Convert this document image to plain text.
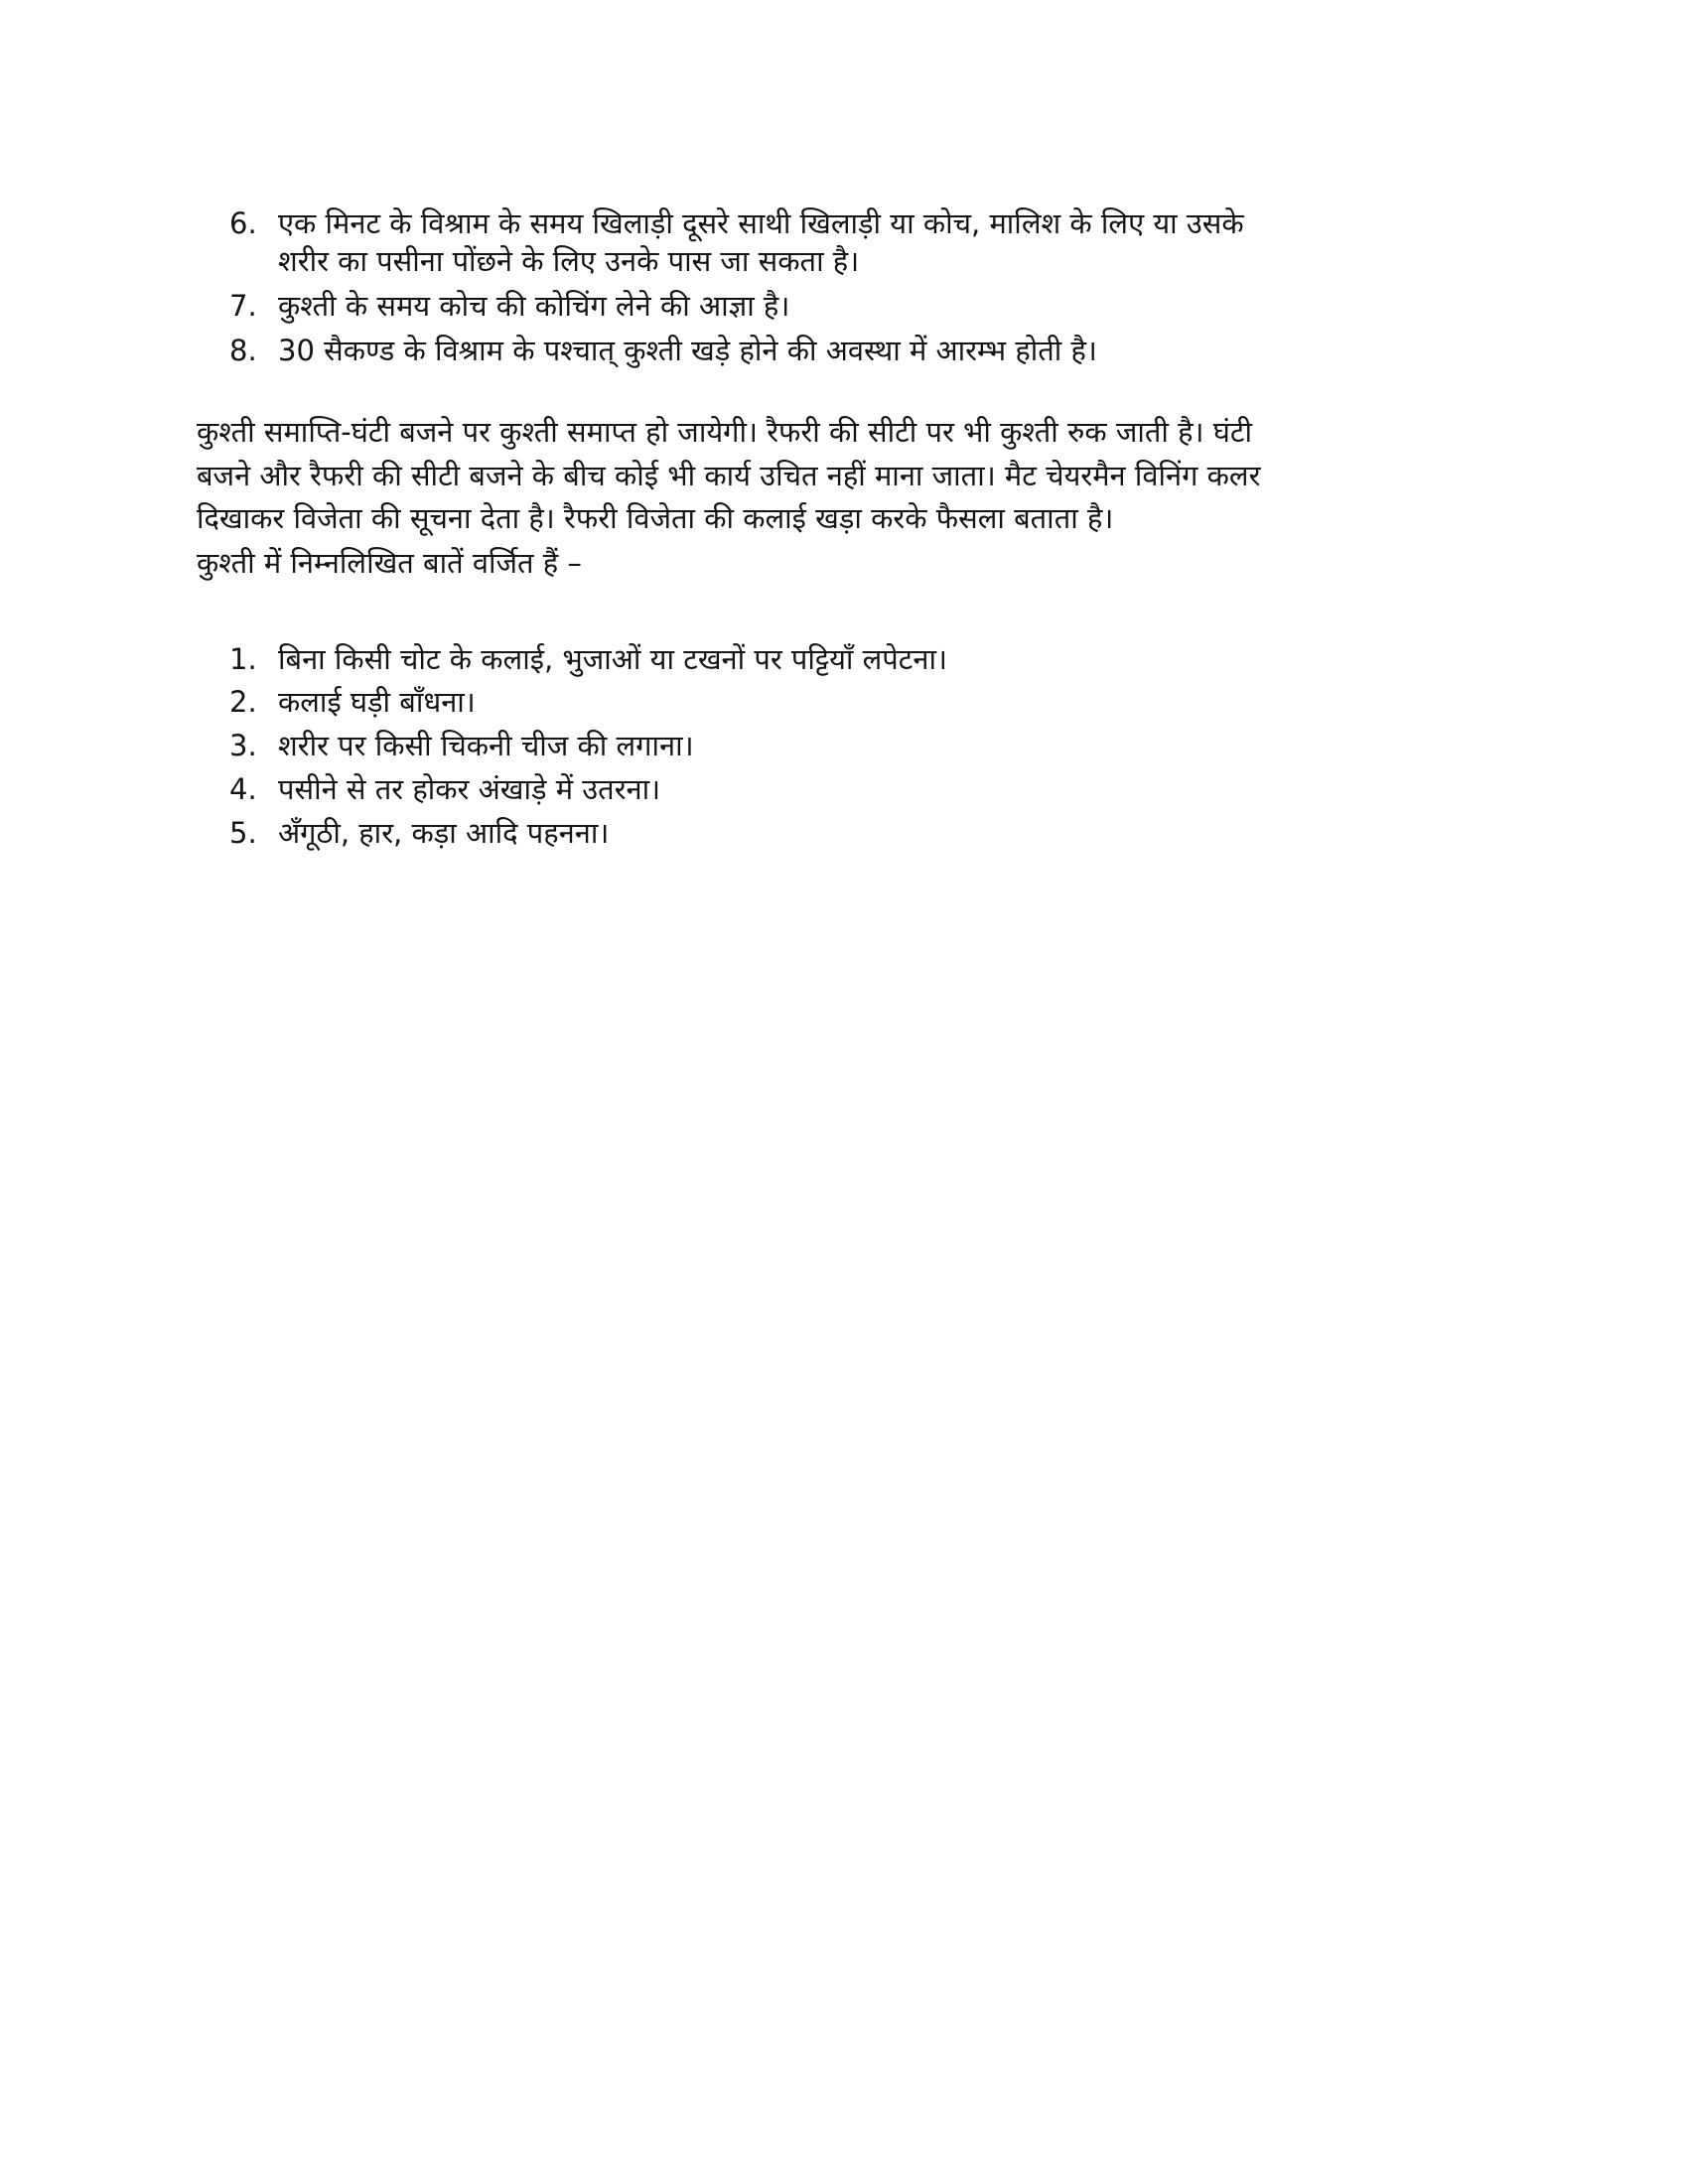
6. एक मिनट के विश्राम के समय खिलाड़ी दूसरे साथी खिलाड़ी या कोच, मालिश के लिए या उसके
शरीर का पसीना पोंछने के लिए उनके पास जा सकता है।
7. कुश्ती के समय कोच की कोचिंग लेने की आज्ञा है।
8. 30 सैकण्ड के विश्राम के पश्चात् कुश्ती खड़े होने की अवस्था में आरम्भ होती है।
कुश्ती समाप्ति-घंटी बजने पर कुश्ती समाप्त हो जायेगी। रैफरी की सीटी पर भी कुश्ती रुक जाती है। घंटी
बजने और रैफरी की सीटी बजने के बीच कोई भी कार्य उचित नहीं माना जाता। मैट चेयरमैन विनिंग कलर
दिखाकर विजेता की सूचना देता है। रैफरी विजेता की कलाई खड़ा करके फैसला बताता है।
कुश्ती में निम्नलिखित बातें वर्जित हैं –
1. बिना किसी चोट के कलाई, भुजाओं या टखनों पर पट्टियाँ लपेटना।
2. कलाई घड़ी बाँधना।
3. शरीर पर किसी चिकनी चीज की लगाना।
4. पसीने से तर होकर अंखाड़े में उतरना।
5. अँगूठी, हार, कड़ा आदि पहनना।
